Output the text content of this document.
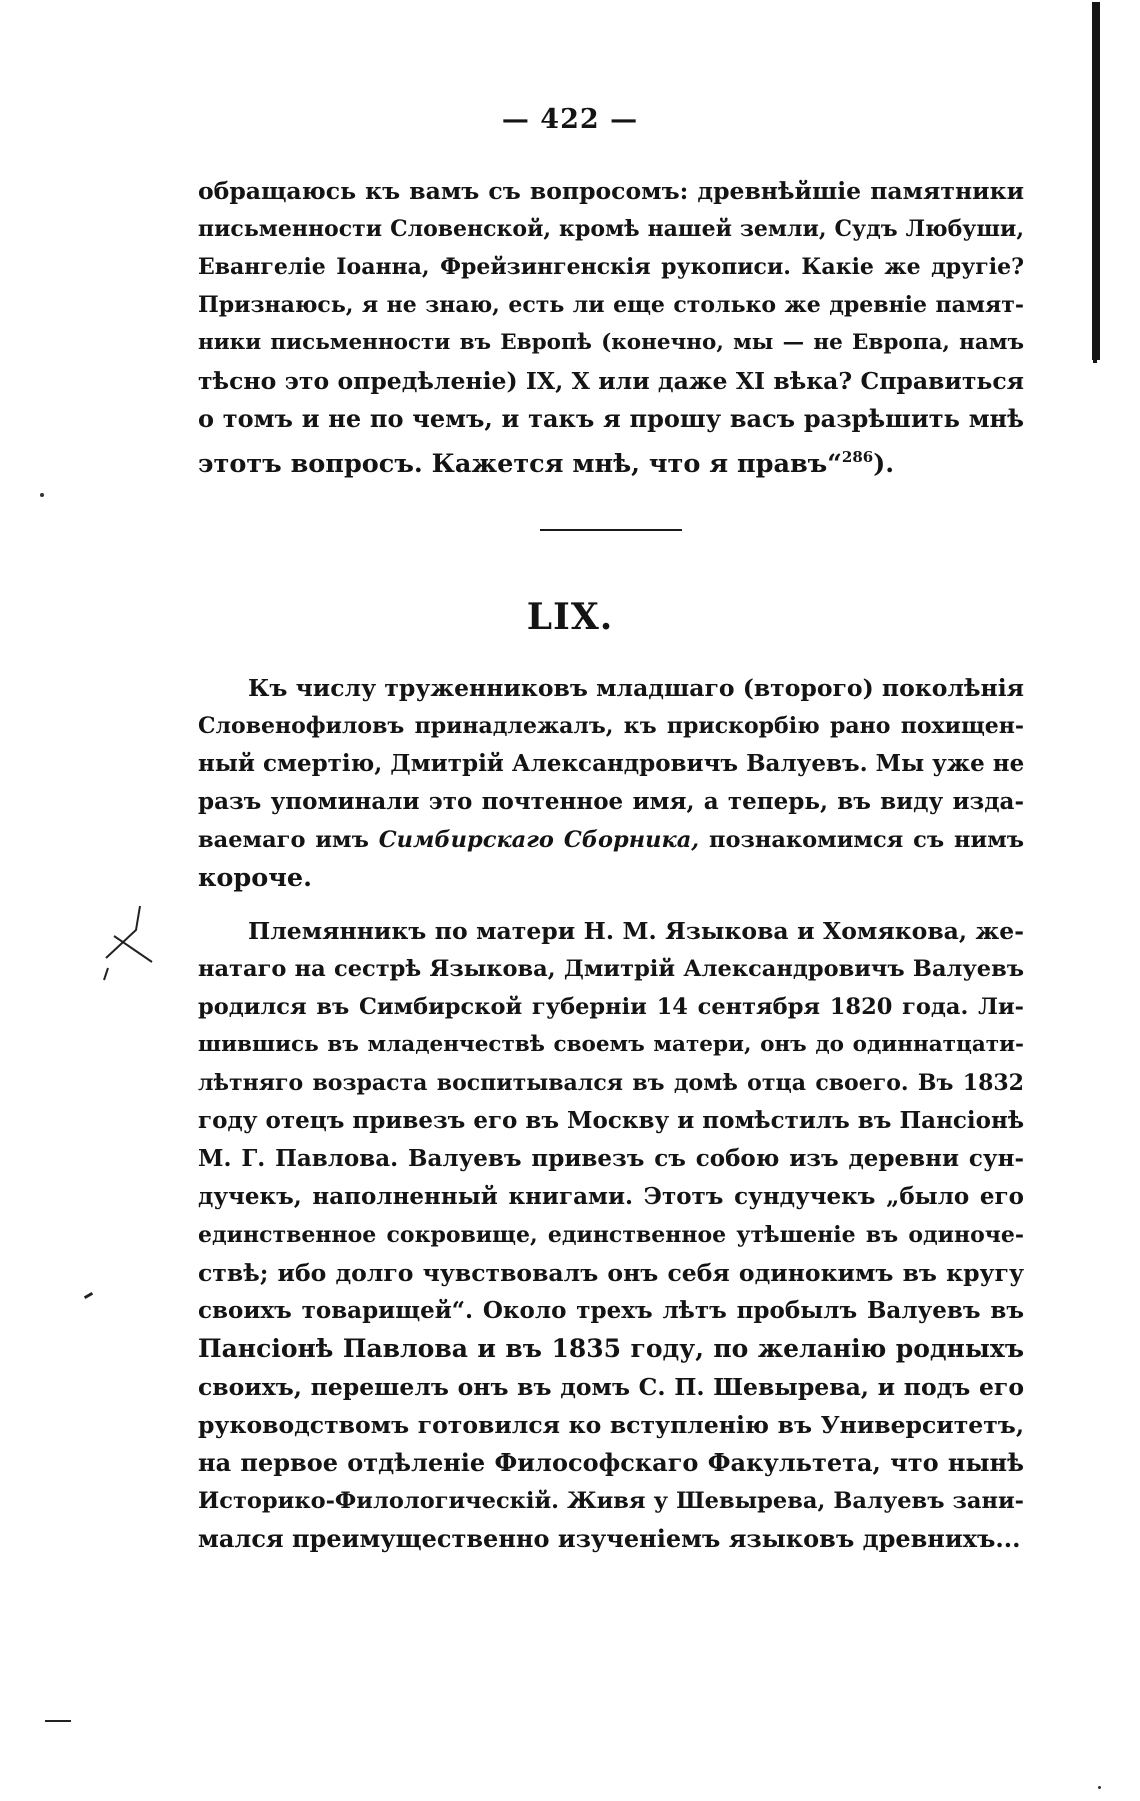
— 422 —
обращаюсь къ вамъ съ вопросомъ: древнѣйшiе памятники
письменности Словенской, кромѣ нашей земли, Судъ Любуши,
Евангелiе Iоанна, Фрейзингенскiя рукописи. Какiе же другiе?
Признаюсь, я не знаю, есть ли еще столько же древнiе памят-
ники письменности въ Европѣ (конечно, мы — не Европа, намъ
тѣсно это опредѣленiе) IX, X или даже XI вѣка? Справиться
о томъ и не по чемъ, и такъ я прошу васъ разрѣшить мнѣ
этотъ вопросъ. Кажется мнѣ, что я правъ“$^{286}$).
LIX.
Къ числу труженниковъ младшаго (второго) поколѣнiя
Словенофиловъ принадлежалъ, къ прискорбiю рано похищен-
ный смертiю, Дмитрiй Александровичъ Валуевъ. Мы уже не
разъ упоминали это почтенное имя, а теперь, въ виду изда-
ваемаго имъ Симбирскаго Сборника, познакомимся съ нимъ
короче.
Племянникъ по матери Н. М. Языкова и Хомякова, же-
натаго на сестрѣ Языкова, Дмитрiй Александровичъ Валуевъ
родился въ Симбирской губернiи 14 сентября 1820 года. Ли-
шившись въ младенчествѣ своемъ матери, онъ до одиннатцати-
лѣтняго возраста воспитывался въ домѣ отца своего. Въ 1832
году отецъ привезъ его въ Москву и помѣстилъ въ Пансiонѣ
М. Г. Павлова. Валуевъ привезъ съ собою изъ деревни сун-
дучекъ, наполненный книгами. Этотъ сундучекъ „было его
единственное сокровище, единственное утѣшенiе въ одиноче-
ствѣ; ибо долго чувствовалъ онъ себя одинокимъ въ кругу
своихъ товарищей“. Около трехъ лѣтъ пробылъ Валуевъ въ
Пансiонѣ Павлова и въ 1835 году, по желанiю родныхъ
своихъ, перешелъ онъ въ домъ С. П. Шевырева, и подъ его
руководствомъ готовился ко вступленiю въ Университетъ,
на первое отдѣленiе Философскаго Факультета, что нынѣ
Историко-Филологическiй. Живя у Шевырева, Валуевъ зани-
мался преимущественно изученiемъ языковъ древнихъ...
